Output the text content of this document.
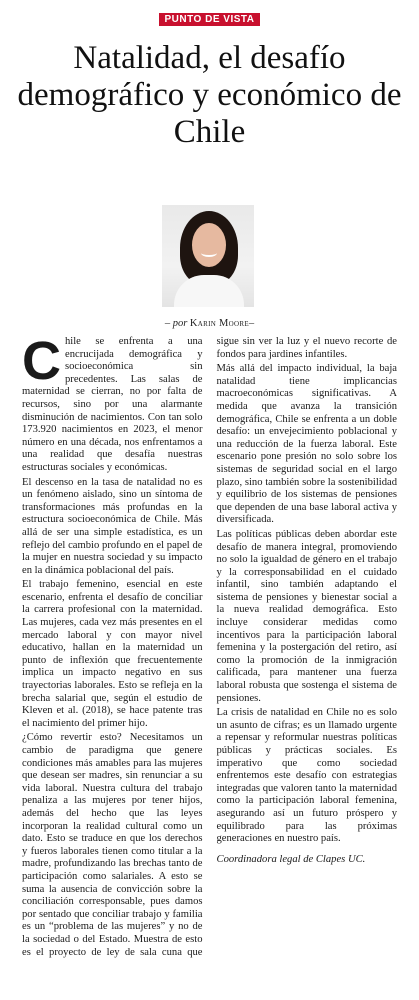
PUNTO DE VISTA
Natalidad, el desafío demográfico y económico de Chile
– por Karin Moore–

Chile se enfrenta a una encrucijada demográfica y socioeconómica sin precedentes. Las salas de maternidad se cierran, no por falta de recursos, sino por una alarmante disminución de nacimientos. Con tan solo 173.920 nacimientos en 2023, el menor número en una década, nos enfrentamos a una realidad que desafía nuestras estructuras sociales y económicas.

El descenso en la tasa de natalidad no es un fenómeno aislado, sino un síntoma de transformaciones más profundas en la estructura socioeconómica de Chile. Más allá de ser una simple estadística, es un reflejo del cambio profundo en el papel de la mujer en nuestra sociedad y su impacto en la dinámica poblacional del país.

El trabajo femenino, esencial en este escenario, enfrenta el desafío de conciliar la carrera profesional con la maternidad. Las mujeres, cada vez más presentes en el mercado laboral y con mayor nivel educativo, hallan en la maternidad un punto de inflexión que frecuentemente implica un impacto negativo en sus trayectorias laborales. Esto se refleja en la brecha salarial que, según el estudio de Kleven et al. (2018), se hace patente tras el nacimiento del primer hijo.

¿Cómo revertir esto? Necesitamos un cambio de paradigma que genere condiciones más amables para las mujeres que desean ser madres, sin renunciar a su vida laboral. Nuestra cultura del trabajo penaliza a las mujeres por tener hijos, además del hecho que las leyes incorporan la realidad cultural como un dato. Esto se traduce en que los derechos y fueros laborales tienen como titular a la madre, profundizando las brechas tanto de participación como salariales. A esto se suma la ausencia de convicción sobre la conciliación corresponsable, pues damos por sentado que conciliar trabajo y familia es un “problema de las mujeres” y no de la sociedad o del Estado. Muestra de esto es el proyecto de ley de sala cuna que sigue sin ver la luz y el nuevo recorte de fondos para jardines infantiles.

Más allá del impacto individual, la baja natalidad tiene implicancias macroeconómicas significativas. A medida que avanza la transición demográfica, Chile se enfrenta a un doble desafío: un envejecimiento poblacional y una reducción de la fuerza laboral. Este escenario pone presión no solo sobre los sistemas de seguridad social en el largo plazo, sino también sobre la sostenibilidad y equilibrio de los sistemas de pensiones que dependen de una base laboral activa y diversificada.

Las políticas públicas deben abordar este desafío de manera integral, promoviendo no solo la igualdad de género en el trabajo y la corresponsabilidad en el cuidado infantil, sino también adaptando el sistema de pensiones y bienestar social a la nueva realidad demográfica. Esto incluye considerar medidas como incentivos para la participación laboral femenina y la postergación del retiro, así como la promoción de la inmigración calificada, para mantener una fuerza laboral robusta que sostenga el sistema de pensiones.

La crisis de natalidad en Chile no es solo un asunto de cifras; es un llamado urgente a repensar y reformular nuestras políticas públicas y prácticas sociales. Es imperativo que como sociedad enfrentemos este desafío con estrategias integradas que valoren tanto la maternidad como la participación laboral femenina, asegurando así un futuro próspero y equilibrado para las próximas generaciones en nuestro país.

Coordinadora legal de Clapes UC.
